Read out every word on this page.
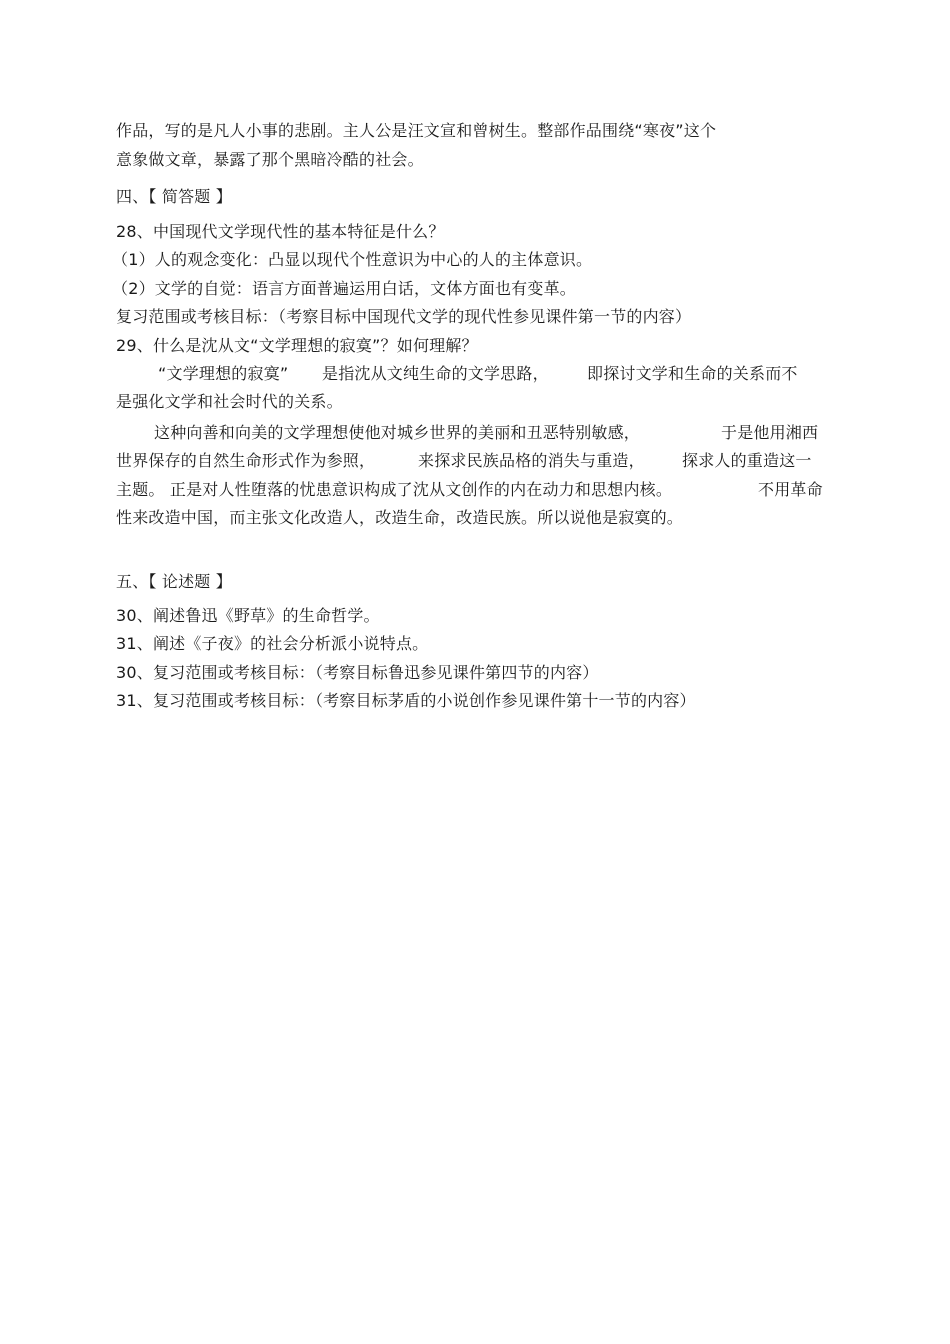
作品，写的是凡人小事的悲剧。主人公是汪文宣和曾树生。整部作品围绕“寒夜”这个
意象做文章，暴露了那个黑暗冷酷的社会。
四、【 简答题 】
28、中国现代文学现代性的基本特征是什么？
（1）人的观念变化：凸显以现代个性意识为中心的人的主体意识。
（2）文学的自觉：语言方面普遍运用白话，文体方面也有变革。
复习范围或考核目标：（考察目标中国现代文学的现代性参见课件第一节的内容）
29、什么是沈从文“文学理想的寂寞”？如何理解？
“文学理想的寂寞” 是指沈从文纯生命的文学思路， 即探讨文学和生命的关系而不
是强化文学和社会时代的关系。
这种向善和向美的文学理想使他对城乡世界的美丽和丑恶特别敏感，	于是他用湘西
世界保存的自然生命形式作为参照，	来探求民族品格的消失与重造， 探求人的重造这一
主题。 正是对人性堕落的忧患意识构成了沈从文创作的内在动力和思想内核。	不用革命
性来改造中国，而主张文化改造人，改造生命，改造民族。所以说他是寂寞的。
五、【 论述题 】
30、阐述鲁迅《野草》的生命哲学。
31、阐述《子夜》的社会分析派小说特点。
30、复习范围或考核目标：（考察目标鲁迅参见课件第四节的内容）
31、复习范围或考核目标：（考察目标茅盾的小说创作参见课件第十一节的内容）
